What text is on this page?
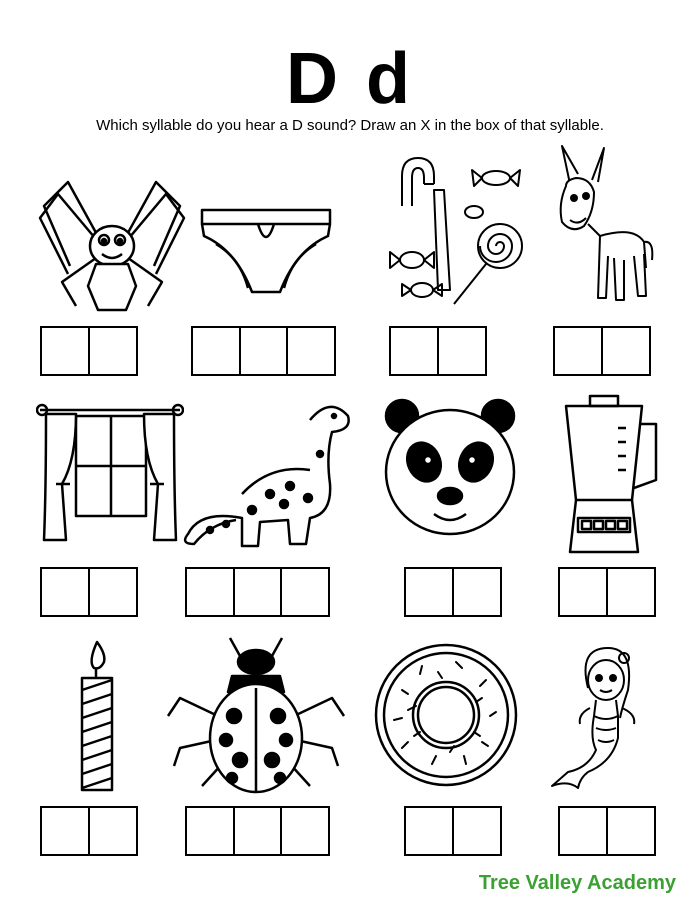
D d
Which syllable do you hear a D sound? Draw an X in the box of that syllable.
Tree Valley Academy
